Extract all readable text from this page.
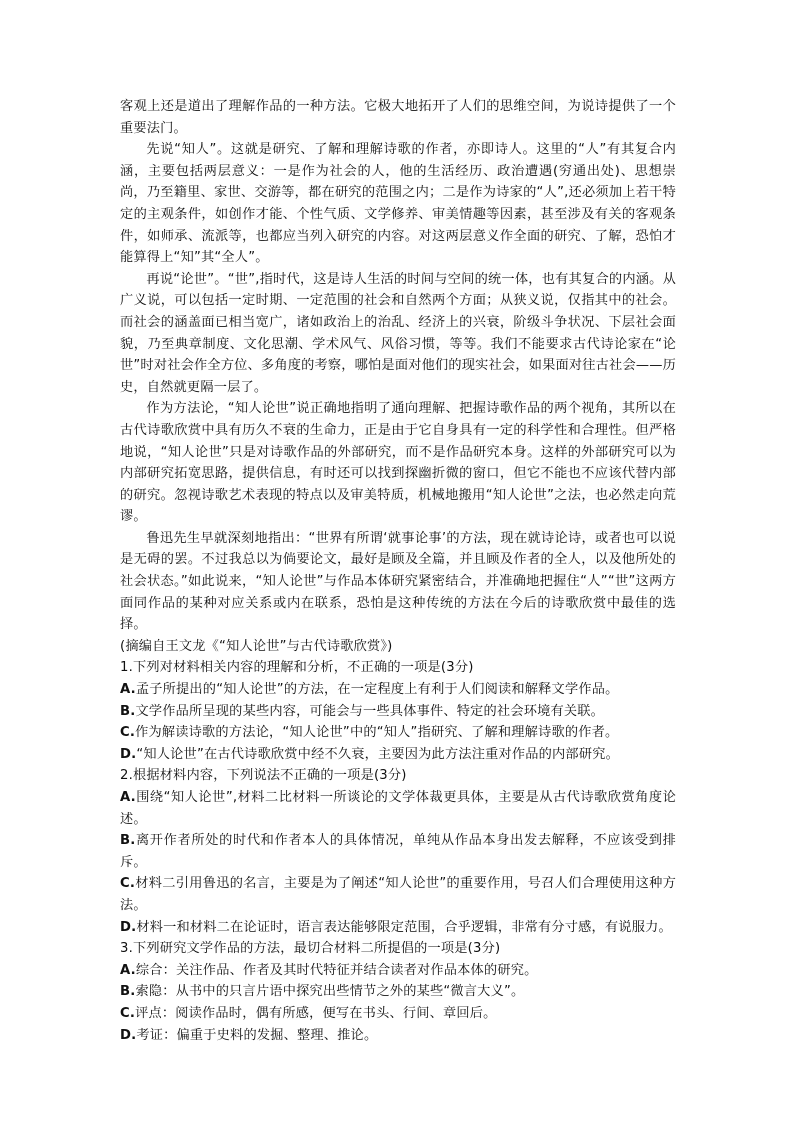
客观上还是道出了理解作品的一种方法。它极大地拓开了人们的思维空间，为说诗提供了一个重要法门。

先说“知人”。这就是研究、了解和理解诗歌的作者，亦即诗人。这里的“人”有其复合内涵，主要包括两层意义：一是作为社会的人，他的生活经历、政治遭遇(穷通出处)、思想崇尚，乃至籍里、家世、交游等，都在研究的范围之内；二是作为诗家的“人”,还必须加上若干特定的主观条件，如创作才能、个性气质、文学修养、审美情趣等因素，甚至涉及有关的客观条件，如师承、流派等，也都应当列入研究的内容。对这两层意义作全面的研究、了解，恐怕才能算得上“知”其“全人”。

再说“论世”。“世”,指时代，这是诗人生活的时间与空间的统一体，也有其复合的内涵。从广义说，可以包括一定时期、一定范围的社会和自然两个方面；从狭义说，仅指其中的社会。而社会的涵盖面已相当宽广，诸如政治上的治乱、经济上的兴衰，阶级斗争状况、下层社会面貌，乃至典章制度、文化思潮、学术风气、风俗习惯，等等。我们不能要求古代诗论家在“论世”时对社会作全方位、多角度的考察，哪怕是面对他们的现实社会，如果面对往古社会——历史，自然就更隔一层了。

作为方法论，“知人论世”说正确地指明了通向理解、把握诗歌作品的两个视角，其所以在古代诗歌欣赏中具有历久不衰的生命力，正是由于它自身具有一定的科学性和合理性。但严格地说，“知人论世”只是对诗歌作品的外部研究，而不是作品研究本身。这样的外部研究可以为内部研究拓宽思路，提供信息，有时还可以找到探幽折微的窗口，但它不能也不应该代替内部的研究。忽视诗歌艺术表现的特点以及审美特质，机械地搬用“知人论世”之法，也必然走向荒谬。

鲁迅先生早就深刻地指出：“世界有所谓‘就事论事’的方法，现在就诗论诗，或者也可以说是无碍的罢。不过我总以为倘要论文，最好是顾及全篇，并且顾及作者的全人，以及他所处的社会状态。”如此说来，“知人论世”与作品本体研究紧密结合，并准确地把握住“人”“世”这两方面同作品的某种对应关系或内在联系，恐怕是这种传统的方法在今后的诗歌欣赏中最佳的选择。

(摘编自王文龙《“知人论世”与古代诗歌欣赏》)

1.下列对材料相关内容的理解和分析，不正确的一项是(3分)

A.孟子所提出的“知人论世”的方法，在一定程度上有利于人们阅读和解释文学作品。

B.文学作品所呈现的某些内容，可能会与一些具体事件、特定的社会环境有关联。

C.作为解读诗歌的方法论，“知人论世”中的“知人”指研究、了解和理解诗歌的作者。

D.“知人论世”在古代诗歌欣赏中经不久衰，主要因为此方法注重对作品的内部研究。

2.根据材料内容，下列说法不正确的一项是(3分)

A.围绕“知人论世”,材料二比材料一所谈论的文学体裁更具体，主要是从古代诗歌欣赏角度论述。

B.离开作者所处的时代和作者本人的具体情况，单纯从作品本身出发去解释，不应该受到排斥。

C.材料二引用鲁迅的名言，主要是为了阐述“知人论世”的重要作用，号召人们合理使用这种方法。

D.材料一和材料二在论证时，语言表达能够限定范围，合乎逻辑，非常有分寸感，有说服力。

3.下列研究文学作品的方法，最切合材料二所提倡的一项是(3分)

A.综合：关注作品、作者及其时代特征并结合读者对作品本体的研究。

B.索隐：从书中的只言片语中探究出些情节之外的某些“微言大义”。

C.评点：阅读作品时，偶有所感，便写在书头、行间、章回后。

D.考证：偏重于史料的发掘、整理、推论。
